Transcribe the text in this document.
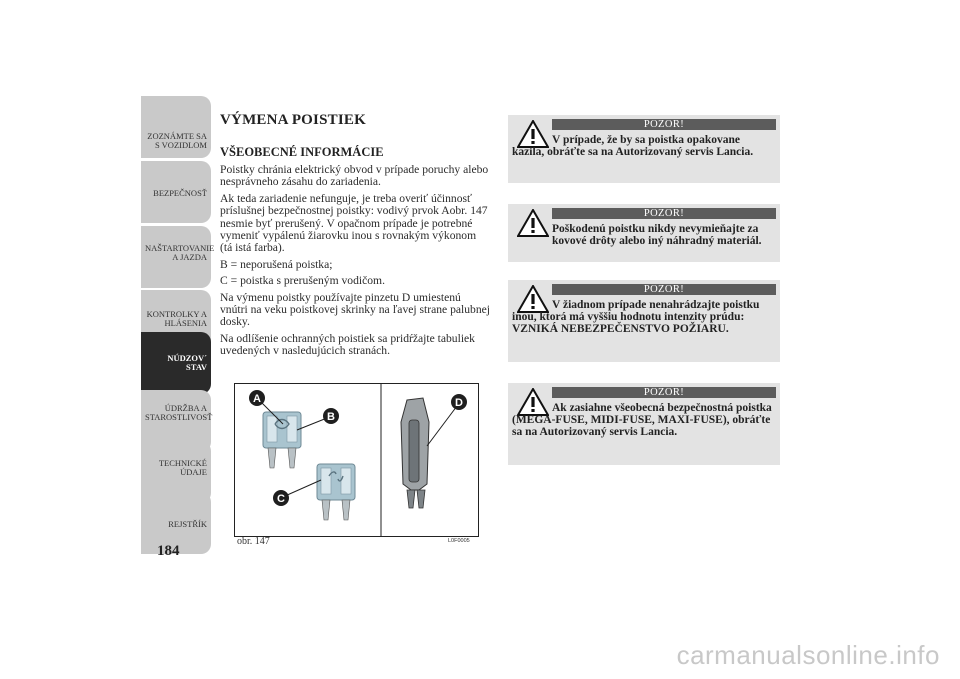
ZOZNÁMTE SA S VOZIDLOM
BEZPEČNOSŤ
NAŠTARTOVANIE A JAZDA
KONTROLKY A HLÁSENIA
NÚDZOV´ STAV
ÚDRŽBA A STAROSTLIVOSŤ
TECHNICKÉ ÚDAJE
REJSTŘÍK
184
VÝMENA POISTIEK
VŠEOBECNÉ INFORMÁCIE

Poistky chránia elektrický obvod v prípade poruchy alebo nesprávneho zásahu do zariadenia.

Ak teda zariadenie nefunguje, je treba overiť účinnosť príslušnej bezpečnostnej poistky: vodivý prvok Aobr. 147 nesmie byť prerušený. V opačnom prípade je potrebné vymeniť vypálenú žiarovku inou s rovnakým výkonom (tá istá farba).

B = neporušená poistka;

C = poistka s prerušeným vodičom.

Na výmenu poistky používajte pinzetu D umiestenú vnútri na veku poistkovej skrinky na ľavej strane palubnej dosky.

Na odlíšenie ochranných poistiek sa pridŕžajte tabuliek uvedených v nasledujúcich stranách.

A
B
C
D
obr. 147	L0F0005
POZOR!
V prípade, že by sa poistka opakovane kazila, obráťte sa na Autorizovaný servis Lancia.
POZOR!
Poškodenú poistku nikdy nevymieňajte za kovové drôty alebo iný náhradný materiál.
POZOR!
V žiadnom prípade nenahrádzajte poistku inou, ktorá má vyššiu hodnotu intenzity prúdu: VZNIKÁ NEBEZPEČENSTVO POŽIARU.
POZOR!
Ak zasiahne všeobecná bezpečnostná poistka (MEGA-FUSE, MIDI-FUSE, MAXI-FUSE), obráťte sa na Autorizovaný servis Lancia.
carmanualsonline.info
